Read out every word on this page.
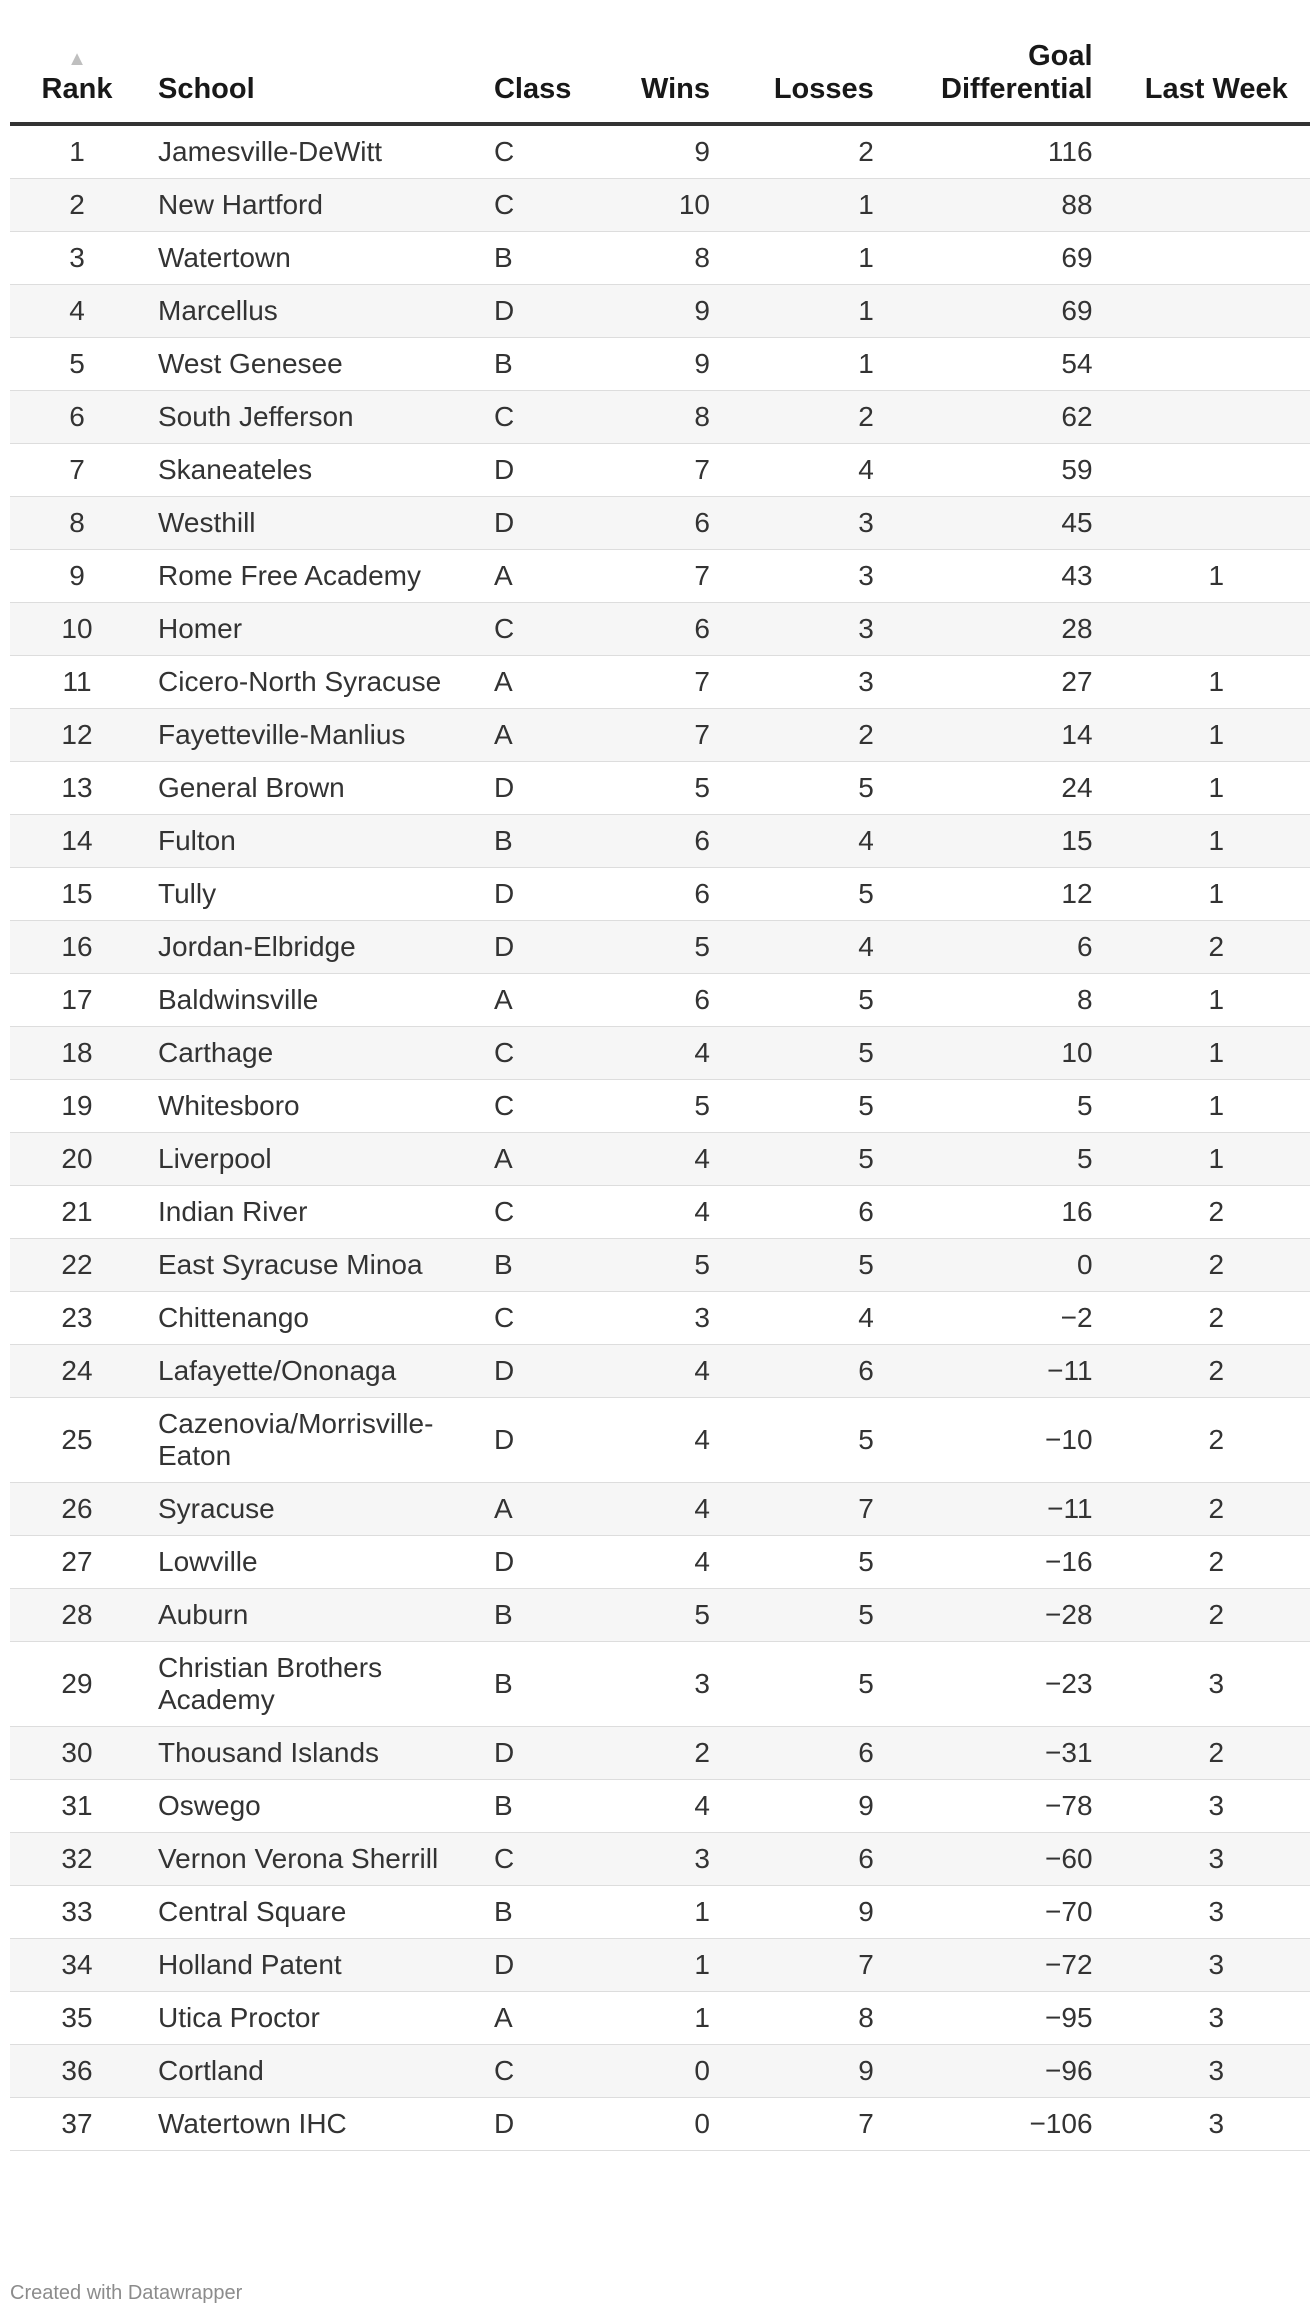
▲
Rank	School	Class	Wins	Losses	Goal Differential	Last Week
1	Jamesville-DeWitt	C	9	2	116	
2	New Hartford	C	10	1	88	
3	Watertown	B	8	1	69	
4	Marcellus	D	9	1	69	
5	West Genesee	B	9	1	54	
6	South Jefferson	C	8	2	62	
7	Skaneateles	D	7	4	59	
8	Westhill	D	6	3	45	
9	Rome Free Academy	A	7	3	43	1
10	Homer	C	6	3	28	
11	Cicero-North Syracuse	A	7	3	27	1
12	Fayetteville-Manlius	A	7	2	14	1
13	General Brown	D	5	5	24	1
14	Fulton	B	6	4	15	1
15	Tully	D	6	5	12	1
16	Jordan-Elbridge	D	5	4	6	2
17	Baldwinsville	A	6	5	8	1
18	Carthage	C	4	5	10	1
19	Whitesboro	C	5	5	5	1
20	Liverpool	A	4	5	5	1
21	Indian River	C	4	6	16	2
22	East Syracuse Minoa	B	5	5	0	2
23	Chittenango	C	3	4	−2	2
24	Lafayette/Ononaga	D	4	6	−11	2
25	Cazenovia/Morrisville-Eaton	D	4	5	−10	2
26	Syracuse	A	4	7	−11	2
27	Lowville	D	4	5	−16	2
28	Auburn	B	5	5	−28	2
29	Christian Brothers Academy	B	3	5	−23	3
30	Thousand Islands	D	2	6	−31	2
31	Oswego	B	4	9	−78	3
32	Vernon Verona Sherrill	C	3	6	−60	3
33	Central Square	B	1	9	−70	3
34	Holland Patent	D	1	7	−72	3
35	Utica Proctor	A	1	8	−95	3
36	Cortland	C	0	9	−96	3
37	Watertown IHC	D	0	7	−106	3
Created with Datawrapper
